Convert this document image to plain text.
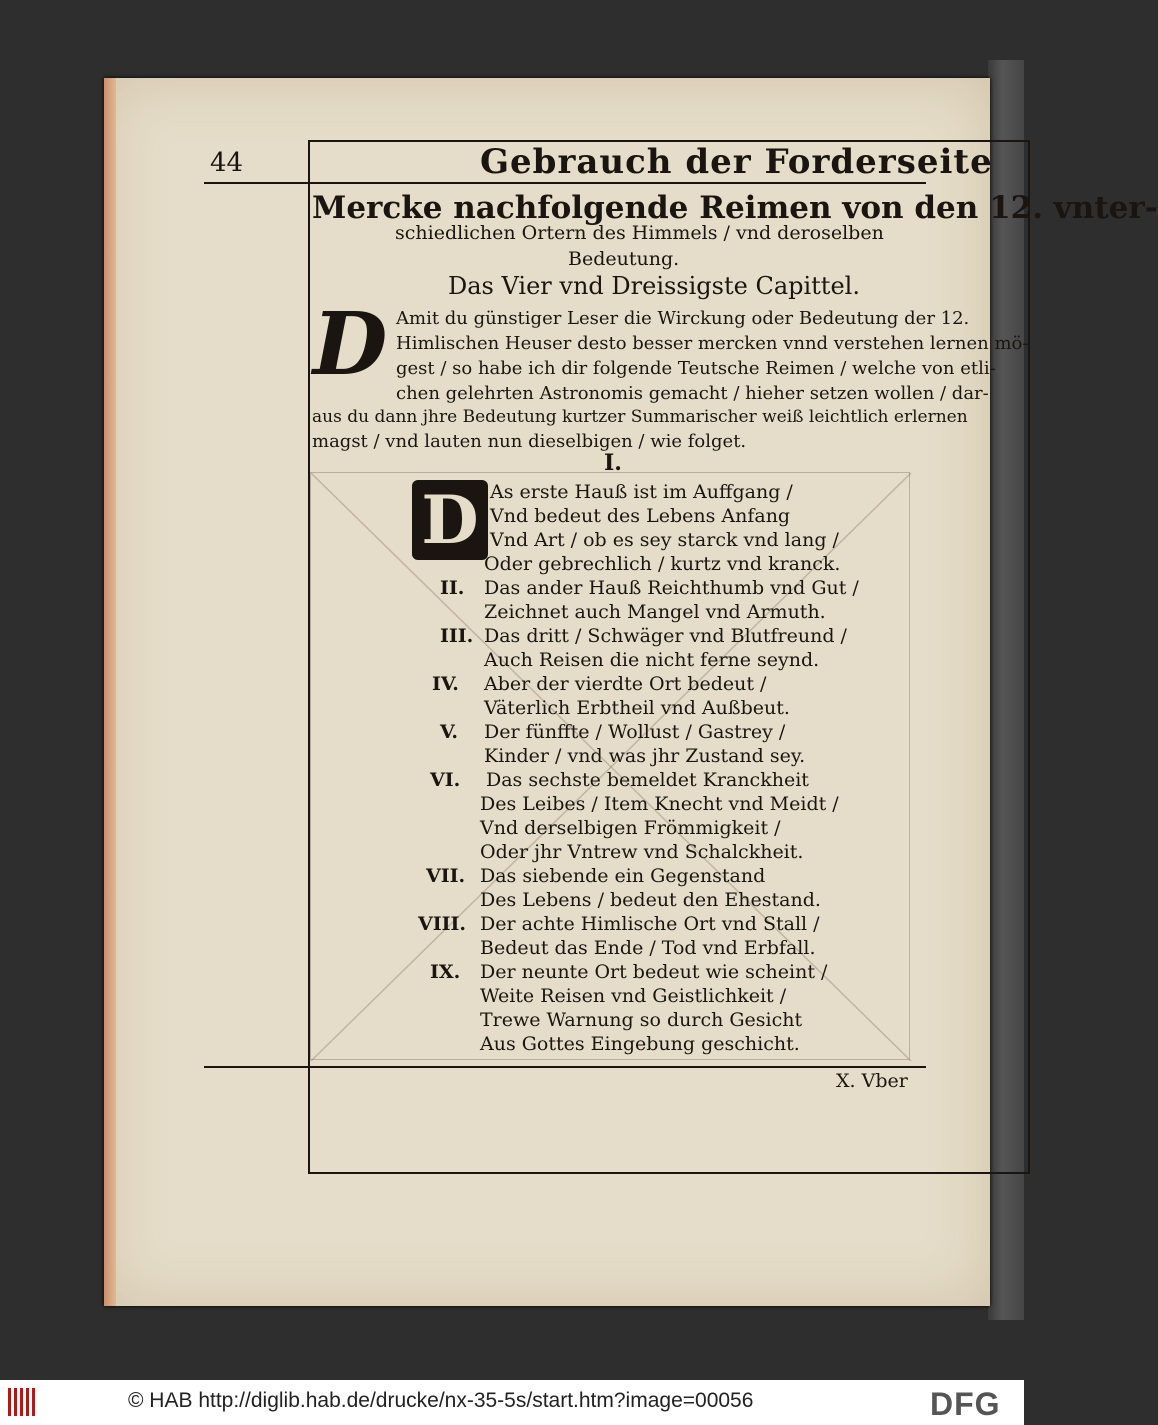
44	Gebrauch der Forderseite
Mercke nachfolgende Reimen von den 12. vnter-
schiedlichen Ortern des Himmels / vnd deroselben
Bedeutung.
Das Vier vnd Dreissigste Capittel.
D Amit du günstiger Leser die Wirckung oder Bedeutung der 12.
Himlischen Heuser desto besser mercken vnnd verstehen lernen mö-
gest / so habe ich dir folgende Teutsche Reimen / welche von etli-
chen gelehrten Astronomis gemacht / hieher setzen wollen / dar-
aus du dann jhre Bedeutung kurtzer Summarischer weiß leichtlich erlernen
magst / vnd lauten nun dieselbigen / wie folget.
I.
D As erste Hauß ist im Auffgang /
Vnd bedeut des Lebens Anfang
Vnd Art / ob es sey starck vnd lang /
Oder gebrechlich / kurtz vnd kranck.
II. Das ander Hauß Reichthumb vnd Gut /
Zeichnet auch Mangel vnd Armuth.
III. Das dritt / Schwäger vnd Blutfreund /
Auch Reisen die nicht ferne seynd.
IV. Aber der vierdte Ort bedeut /
Väterlich Erbtheil vnd Außbeut.
V. Der fünffte / Wollust / Gastrey /
Kinder / vnd was jhr Zustand sey.
VI. Das sechste bemeldet Kranckheit
Des Leibes / Item Knecht vnd Meidt /
Vnd derselbigen Frömmigkeit /
Oder jhr Vntrew vnd Schalckheit.
VII. Das siebende ein Gegenstand
Des Lebens / bedeut den Ehestand.
VIII. Der achte Himlische Ort vnd Stall /
Bedeut das Ende / Tod vnd Erbfall.
IX. Der neunte Ort bedeut wie scheint /
Weite Reisen vnd Geistlichkeit /
Trewe Warnung so durch Gesicht
Aus Gottes Eingebung geschicht.
X. Vber
© HAB http://diglib.hab.de/drucke/nx-35-5s/start.htm?image=00056	DFG
